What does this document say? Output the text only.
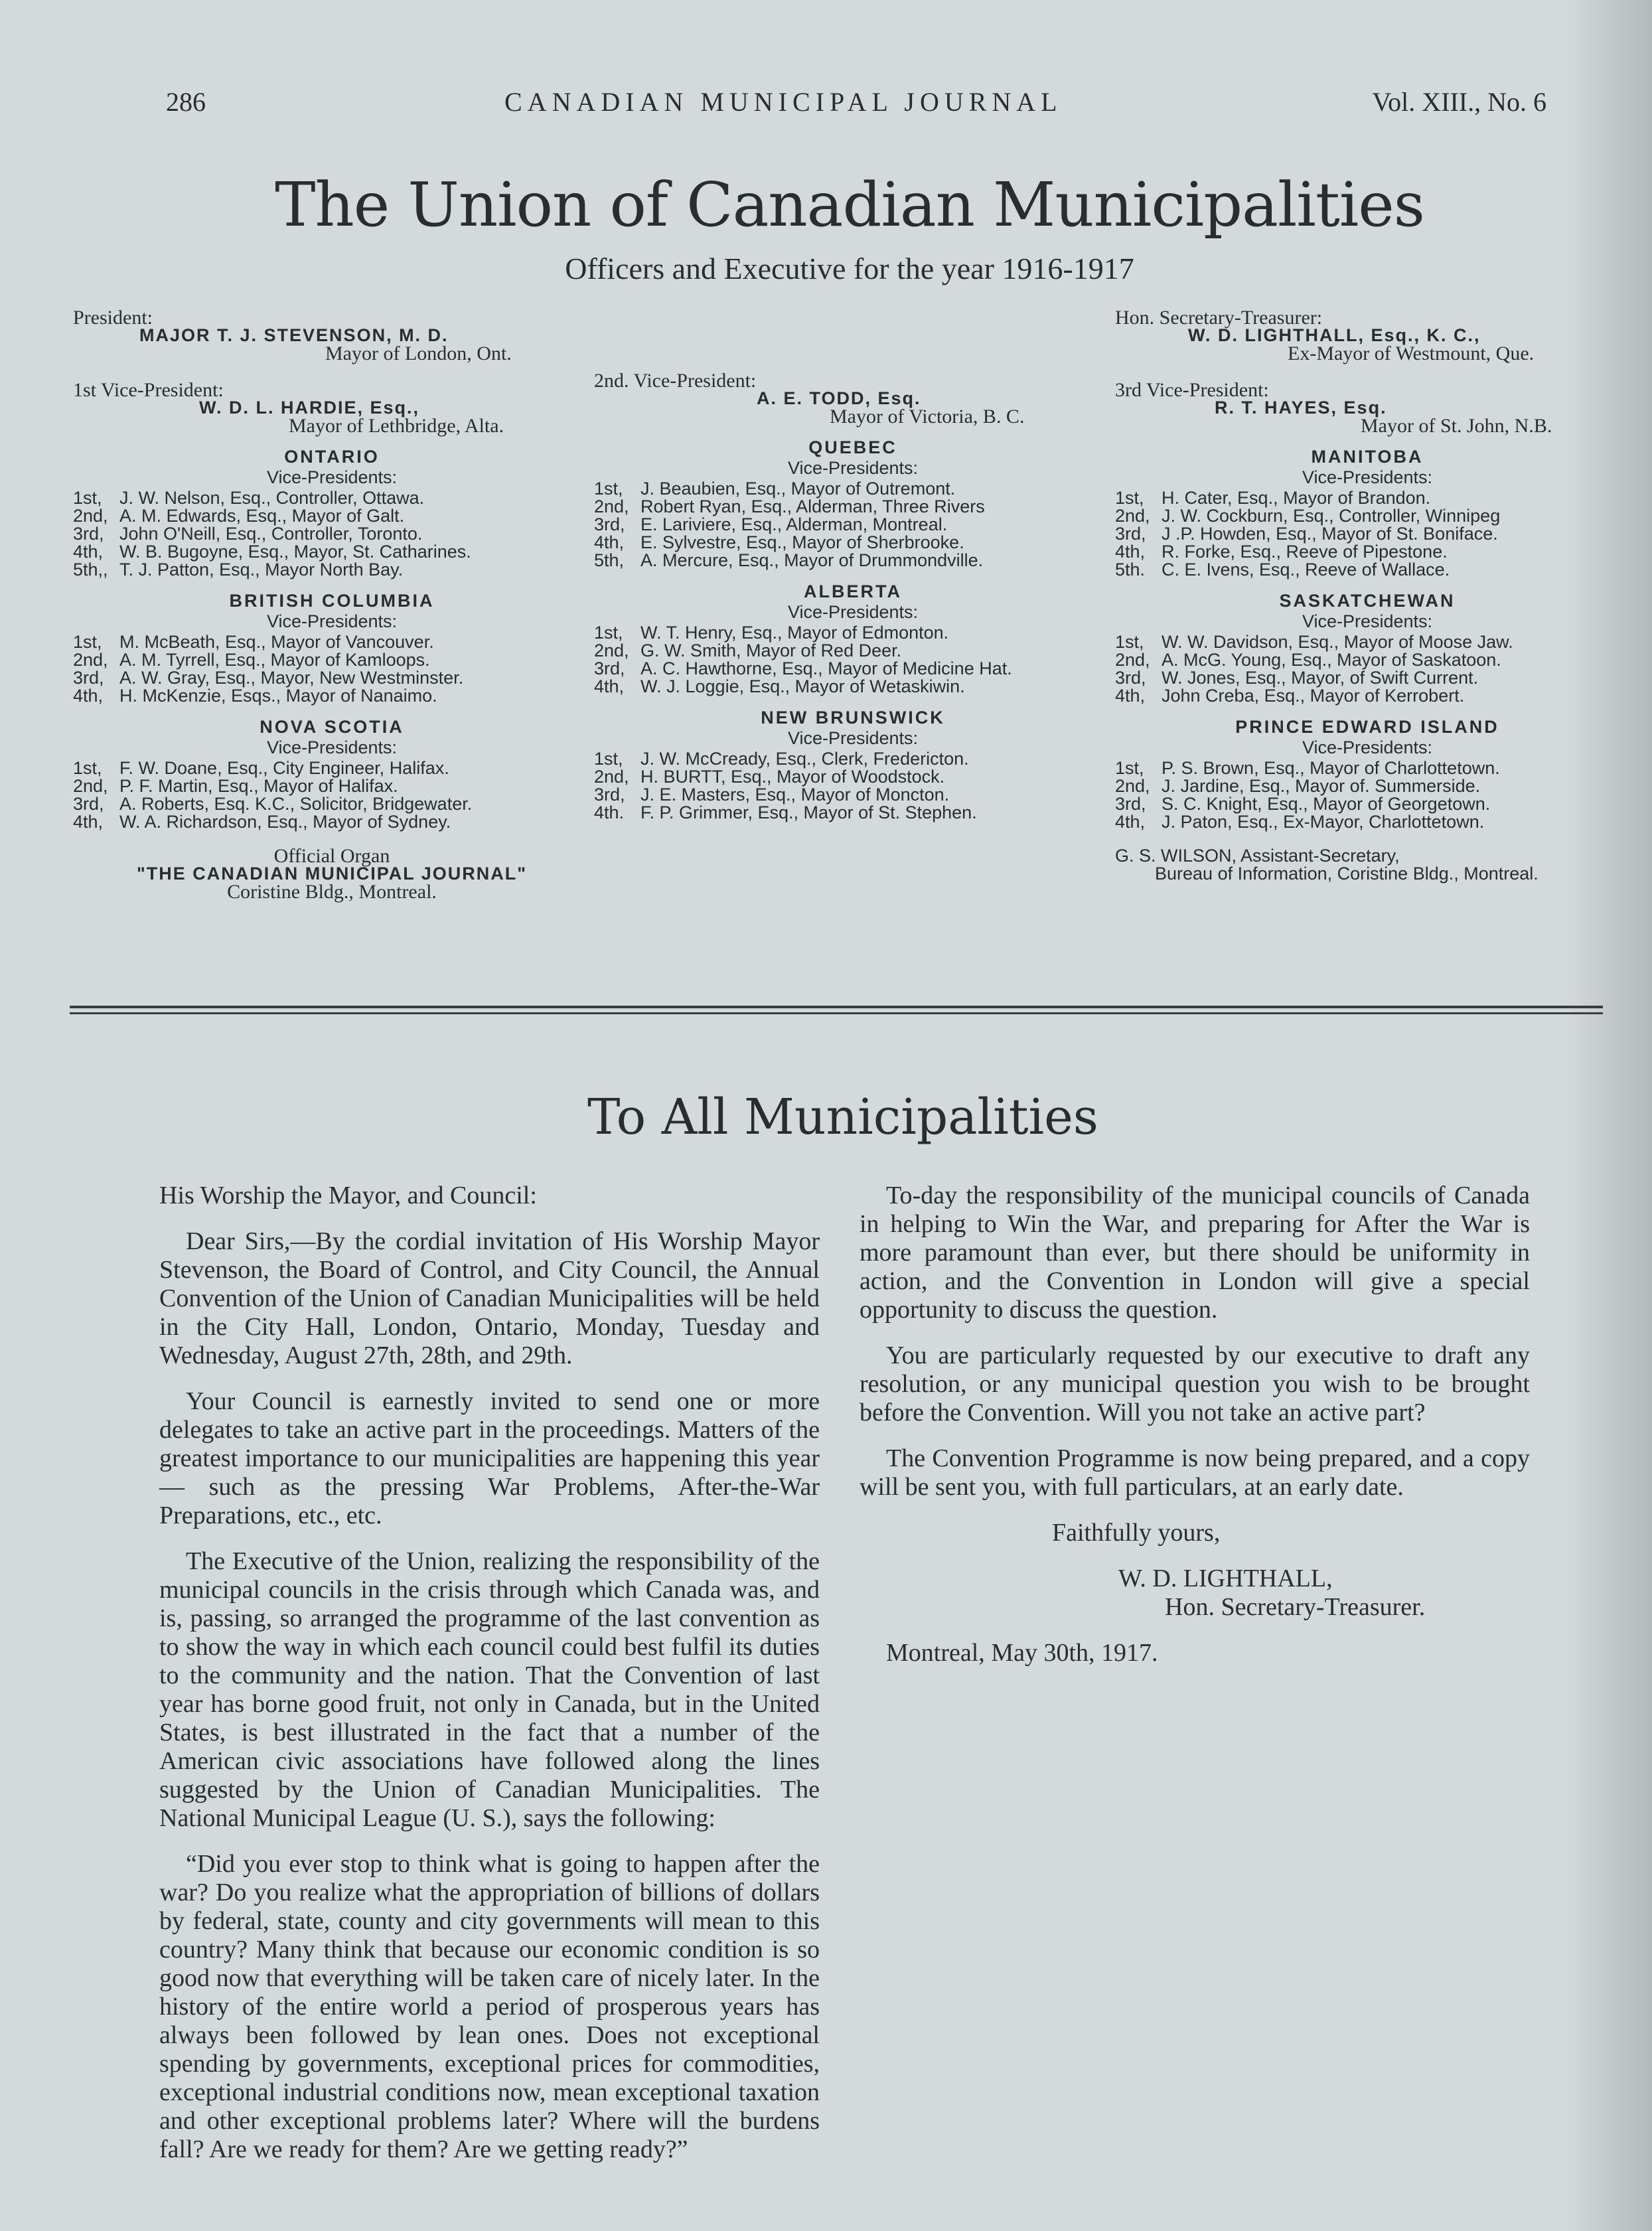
286	CANADIAN MUNICIPAL JOURNAL	Vol. XIII., No. 6
The Union of Canadian Municipalities
Officers and Executive for the year 1916-1917
President:
MAJOR T. J. STEVENSON, M. D.
Mayor of London, Ont.
1st Vice-President:
W. D. L. HARDIE, Esq.,
Mayor of Lethbridge, Alta.
ONTARIO
Vice-Presidents:
1st, J. W. Nelson, Esq., Controller, Ottawa.
2nd, A. M. Edwards, Esq., Mayor of Galt.
3rd, John O'Neill, Esq., Controller, Toronto.
4th, W. B. Bugoyne, Esq., Mayor, St. Catharines.
5th,, T. J. Patton, Esq., Mayor North Bay.
BRITISH COLUMBIA
Vice-Presidents:
1st, M. McBeath, Esq., Mayor of Vancouver.
2nd, A. M. Tyrrell, Esq., Mayor of Kamloops.
3rd, A. W. Gray, Esq., Mayor, New Westminster.
4th, H. McKenzie, Esqs., Mayor of Nanaimo.
NOVA SCOTIA
Vice-Presidents:
1st, F. W. Doane, Esq., City Engineer, Halifax.
2nd, P. F. Martin, Esq., Mayor of Halifax.
3rd, A. Roberts, Esq. K.C., Solicitor, Bridgewater.
4th, W. A. Richardson, Esq., Mayor of Sydney.
Official Organ
"THE CANADIAN MUNICIPAL JOURNAL"
Coristine Bldg., Montreal.
2nd. Vice-President:
A. E. TODD, Esq.
Mayor of Victoria, B. C.
QUEBEC
Vice-Presidents:
1st, J. Beaubien, Esq., Mayor of Outremont.
2nd, Robert Ryan, Esq., Alderman, Three Rivers
3rd, E. Lariviere, Esq., Alderman, Montreal.
4th, E. Sylvestre, Esq., Mayor of Sherbrooke.
5th, A. Mercure, Esq., Mayor of Drummondville.
ALBERTA
Vice-Presidents:
1st, W. T. Henry, Esq., Mayor of Edmonton.
2nd, G. W. Smith, Mayor of Red Deer.
3rd, A. C. Hawthorne, Esq., Mayor of Medicine Hat.
4th, W. J. Loggie, Esq., Mayor of Wetaskiwin.
NEW BRUNSWICK
Vice-Presidents:
1st, J. W. McCready, Esq., Clerk, Fredericton.
2nd, H. BURTT, Esq., Mayor of Woodstock.
3rd, J. E. Masters, Esq., Mayor of Moncton.
4th. F. P. Grimmer, Esq., Mayor of St. Stephen.
Hon. Secretary-Treasurer:
W. D. LIGHTHALL, Esq., K. C.,
Ex-Mayor of Westmount, Que.
3rd Vice-President:
R. T. HAYES, Esq.
Mayor of St. John, N.B.
MANITOBA
Vice-Presidents:
1st, H. Cater, Esq., Mayor of Brandon.
2nd, J. W. Cockburn, Esq., Controller, Winnipeg
3rd, J .P. Howden, Esq., Mayor of St. Boniface.
4th, R. Forke, Esq., Reeve of Pipestone.
5th. C. E. Ivens, Esq., Reeve of Wallace.
SASKATCHEWAN
Vice-Presidents:
1st, W. W. Davidson, Esq., Mayor of Moose Jaw.
2nd, A. McG. Young, Esq., Mayor of Saskatoon.
3rd, W. Jones, Esq., Mayor, of Swift Current.
4th, John Creba, Esq., Mayor of Kerrobert.
PRINCE EDWARD ISLAND
Vice-Presidents:
1st, P. S. Brown, Esq., Mayor of Charlottetown.
2nd, J. Jardine, Esq., Mayor of. Summerside.
3rd, S. C. Knight, Esq., Mayor of Georgetown.
4th, J. Paton, Esq., Ex-Mayor, Charlottetown.
G. S. WILSON, Assistant-Secretary,
Bureau of Information, Coristine Bldg., Montreal.
To All Municipalities

His Worship the Mayor, and Council:

Dear Sirs,—By the cordial invitation of His Worship Mayor Stevenson, the Board of Control, and City Council, the Annual Convention of the Union of Canadian Municipalities will be held in the City Hall, London, Ontario, Monday, Tuesday and Wednesday, August 27th, 28th, and 29th.

Your Council is earnestly invited to send one or more delegates to take an active part in the proceedings. Matters of the greatest importance to our municipalities are happening this year — such as the pressing War Problems, After-the-War Preparations, etc., etc.

The Executive of the Union, realizing the responsibility of the municipal councils in the crisis through which Canada was, and is, passing, so arranged the programme of the last convention as to show the way in which each council could best fulfil its duties to the community and the nation. That the Convention of last year has borne good fruit, not only in Canada, but in the United States, is best illustrated in the fact that a number of the American civic associations have followed along the lines suggested by the Union of Canadian Municipalities. The National Municipal League (U. S.), says the following:

“Did you ever stop to think what is going to happen after the war? Do you realize what the appropriation of billions of dollars by federal, state, county and city governments will mean to this country? Many think that because our economic condition is so good now that everything will be taken care of nicely later. In the history of the entire world a period of prosperous years has always been followed by lean ones. Does not exceptional spending by governments, exceptional prices for commodities, exceptional industrial conditions now, mean exceptional taxation and other exceptional problems later? Where will the burdens fall? Are we ready for them? Are we getting ready?”

To-day the responsibility of the municipal councils of Canada in helping to Win the War, and preparing for After the War is more paramount than ever, but there should be uniformity in action, and the Convention in London will give a special opportunity to discuss the question.

You are particularly requested by our executive to draft any resolution, or any municipal question you wish to be brought before the Convention. Will you not take an active part?

The Convention Programme is now being prepared, and a copy will be sent you, with full particulars, at an early date.

Faithfully yours,

W. D. LIGHTHALL,

Hon. Secretary-Treasurer.

Montreal, May 30th, 1917.
